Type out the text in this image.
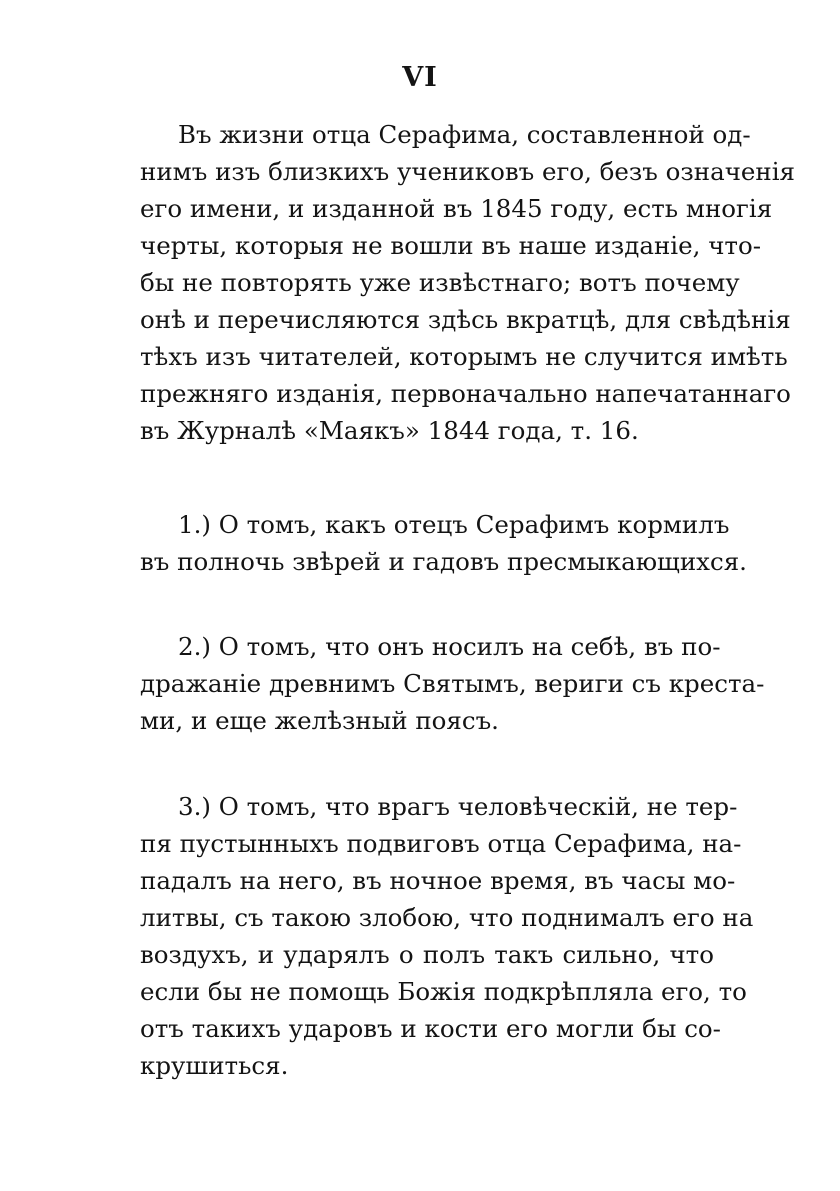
VI
Въ жизни отца Серафима, составленной од-
нимъ изъ близкихъ учениковъ его, безъ означенія
его имени, и изданной въ 1845 году, есть многія
черты, которыя не вошли въ наше изданіе, что-
бы не повторять уже извѣстнаго; вотъ почему
онѣ и перечисляются здѣсь вкратцѣ, для свѣдѣнія
тѣхъ изъ читателей, которымъ не случится имѣть
прежняго изданія, первоначально напечатаннаго
въ Журналѣ «Маякъ» 1844 года, т. 16.
1.) О томъ, какъ отецъ Серафимъ кормилъ
въ полночь звѣрей и гадовъ пресмыкающихся.
2.) О томъ, что онъ носилъ на себѣ, въ по-
дражаніе древнимъ Святымъ, вериги съ креста-
ми, и еще желѣзный поясъ.
3.) О томъ, что врагъ человѣческій, не тер-
пя пустынныхъ подвиговъ отца Серафима, на-
падалъ на него, въ ночное время, въ часы мо-
литвы, съ такою злобою, что поднималъ его на
воздухъ, и ударялъ о полъ такъ сильно, что
если бы не помощь Божія подкрѣпляла его, то
отъ такихъ ударовъ и кости его могли бы со-
крушиться.
